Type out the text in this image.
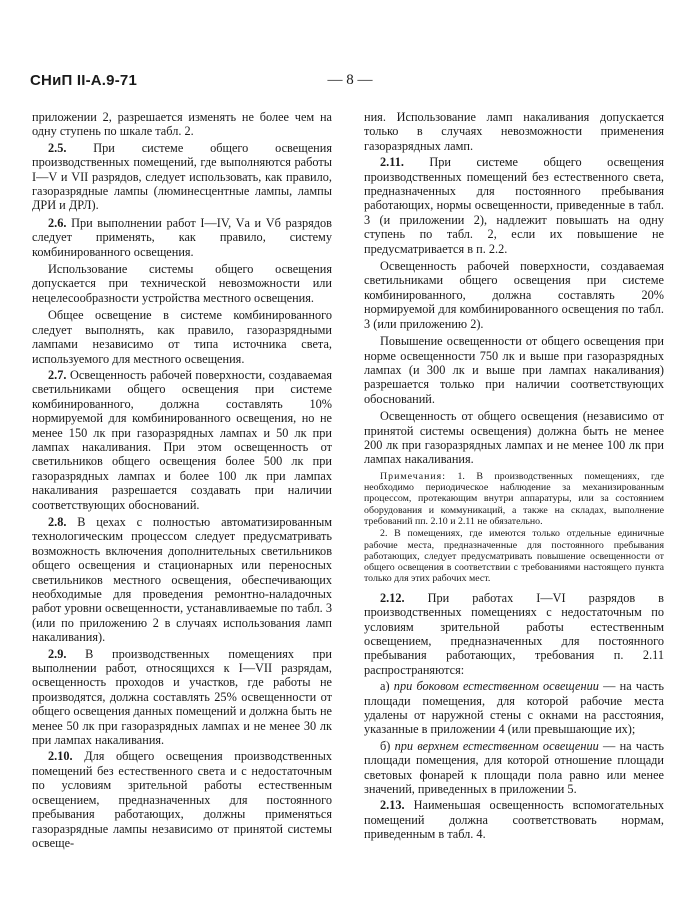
СНиП II-А.9-71	— 8 —

приложении 2, разрешается изменять не более чем на одну ступень по шкале табл. 2.

2.5. При системе общего освещения производственных помещений, где выполняются работы I—V и VII разрядов, следует использовать, как правило, газоразрядные лампы (люминесцентные лампы, лампы ДРИ и ДРЛ).

2.6. При выполнении работ I—IV, Vа и Vб разрядов следует применять, как правило, систему комбинированного освещения.

Использование системы общего освещения допускается при технической невозможности или нецелесообразности устройства местного освещения.

Общее освещение в системе комбинированного следует выполнять, как правило, газоразрядными лампами независимо от типа источника света, используемого для местного освещения.

2.7. Освещенность рабочей поверхности, создаваемая светильниками общего освещения при системе комбинированного, должна составлять 10% нормируемой для комбинированного освещения, но не менее 150 лк при газоразрядных лампах и 50 лк при лампах накаливания. При этом освещенность от светильников общего освещения более 500 лк при газоразрядных лампах и более 100 лк при лампах накаливания разрешается создавать при наличии соответствующих обоснований.

2.8. В цехах с полностью автоматизированным технологическим процессом следует предусматривать возможность включения дополнительных светильников общего освещения и стационарных или переносных светильников местного освещения, обеспечивающих необходимые для проведения ремонтно-наладочных работ уровни освещенности, устанавливаемые по табл. 3 (или по приложению 2 в случаях использования ламп накаливания).

2.9. В производственных помещениях при выполнении работ, относящихся к I—VII разрядам, освещенность проходов и участков, где работы не производятся, должна составлять 25% освещенности от общего освещения данных помещений и должна быть не менее 50 лк при газоразрядных лампах и не менее 30 лк при лампах накаливания.

2.10. Для общего освещения производственных помещений без естественного света и с недостаточным по условиям зрительной работы естественным освещением, предназначенных для постоянного пребывания работающих, должны применяться газоразрядные лампы независимо от принятой системы освеще-

ния. Использование ламп накаливания допускается только в случаях невозможности применения газоразрядных ламп.

2.11. При системе общего освещения производственных помещений без естественного света, предназначенных для постоянного пребывания работающих, нормы освещенности, приведенные в табл. 3 (и приложении 2), надлежит повышать на одну ступень по табл. 2, если их повышение не предусматривается в п. 2.2.

Освещенность рабочей поверхности, создаваемая светильниками общего освещения при системе комбинированного, должна составлять 20% нормируемой для комбинированного освещения по табл. 3 (или приложению 2).

Повышение освещенности от общего освещения при норме освещенности 750 лк и выше при газоразрядных лампах (и 300 лк и выше при лампах накаливания) разрешается только при наличии соответствующих обоснований.

Освещенность от общего освещения (независимо от принятой системы освещения) должна быть не менее 200 лк при газоразрядных лампах и не менее 100 лк при лампах накаливания.

Примечания: 1. В производственных помещениях, где необходимо периодическое наблюдение за механизированным процессом, протекающим внутри аппаратуры, или за состоянием оборудования и коммуникаций, а также на складах, выполнение требований пп. 2.10 и 2.11 не обязательно.

2. В помещениях, где имеются только отдельные единичные рабочие места, предназначенные для постоянного пребывания работающих, следует предусматривать повышение освещенности от общего освещения в соответствии с требованиями настоящего пункта только для этих рабочих мест.

2.12. При работах I—VI разрядов в производственных помещениях с недостаточным по условиям зрительной работы естественным освещением, предназначенных для постоянного пребывания работающих, требования п. 2.11 распространяются:

а) при боковом естественном освещении — на часть площади помещения, для которой рабочие места удалены от наружной стены с окнами на расстояния, указанные в приложении 4 (или превышающие их);

б) при верхнем естественном освещении — на часть площади помещения, для которой отношение площади световых фонарей к площади пола равно или менее значений, приведенных в приложении 5.

2.13. Наименьшая освещенность вспомогательных помещений должна соответствовать нормам, приведенным в табл. 4.
